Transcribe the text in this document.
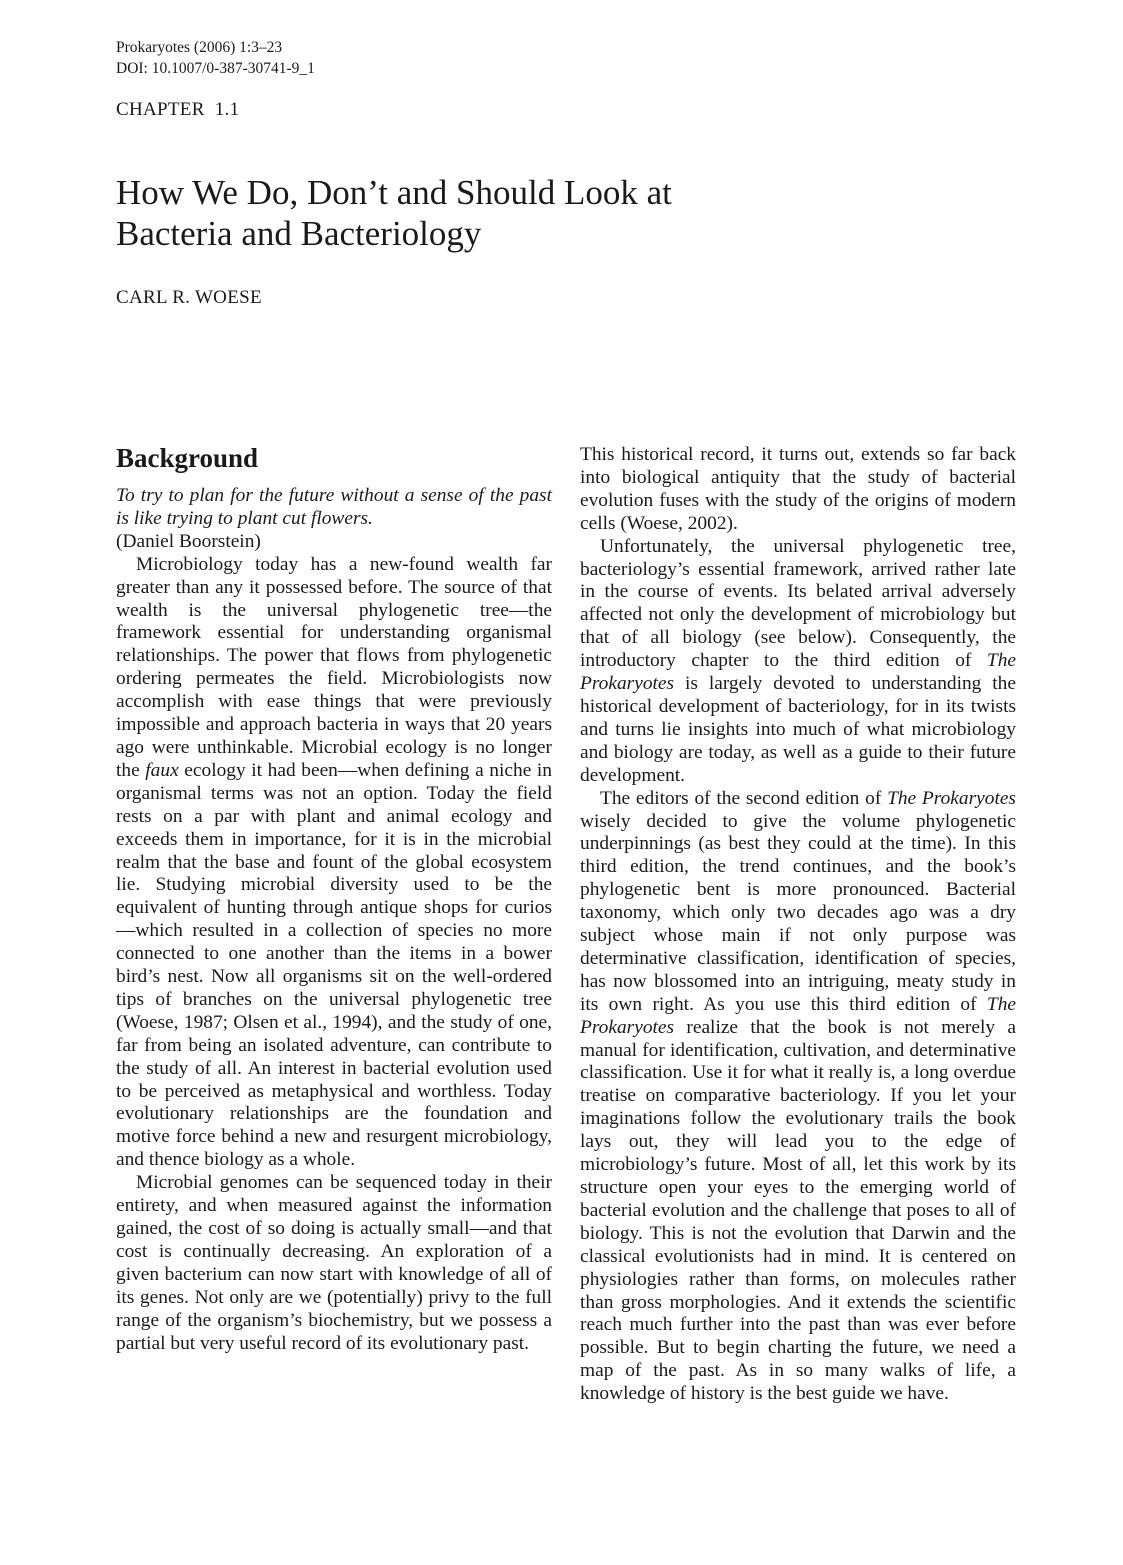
Prokaryotes (2006) 1:3–23
DOI: 10.1007/0-387-30741-9_1
CHAPTER  1.1
How We Do, Don’t and Should Look at
Bacteria and Bacteriology
CARL R. WOESE
Background

To try to plan for the future without a sense of the past is like trying to plant cut flowers.

(Daniel Boorstein)

Microbiology today has a new-found wealth far greater than any it possessed before. The source of that wealth is the universal phylogenetic tree—the framework essential for understanding organismal relationships. The power that flows from phylogenetic ordering permeates the field. Microbiologists now accomplish with ease things that were previously impossible and approach bacteria in ways that 20 years ago were unthinkable. Microbial ecology is no longer the faux ecology it had been—when defining a niche in organismal terms was not an option. Today the field rests on a par with plant and animal ecology and exceeds them in importance, for it is in the microbial realm that the base and fount of the global ecosystem lie. Studying microbial diversity used to be the equivalent of hunting through antique shops for curios—which resulted in a collection of species no more connected to one another than the items in a bower bird’s nest. Now all organisms sit on the well-ordered tips of branches on the universal phylogenetic tree (Woese, 1987; Olsen et al., 1994), and the study of one, far from being an isolated adventure, can contribute to the study of all. An interest in bacterial evolution used to be perceived as metaphysical and worthless. Today evolutionary relationships are the foundation and motive force behind a new and resurgent microbiology, and thence biology as a whole.

Microbial genomes can be sequenced today in their entirety, and when measured against the information gained, the cost of so doing is actually small—and that cost is continually decreasing. An exploration of a given bacterium can now start with knowledge of all of its genes. Not only are we (potentially) privy to the full range of the organism’s biochemistry, but we possess a partial but very useful record of its evolutionary past.

This historical record, it turns out, extends so far back into biological antiquity that the study of bacterial evolution fuses with the study of the origins of modern cells (Woese, 2002).

Unfortunately, the universal phylogenetic tree, bacteriology’s essential framework, arrived rather late in the course of events. Its belated arrival adversely affected not only the development of microbiology but that of all biology (see below). Consequently, the introductory chapter to the third edition of The Prokaryotes is largely devoted to understanding the historical development of bacteriology, for in its twists and turns lie insights into much of what microbiology and biology are today, as well as a guide to their future development.

The editors of the second edition of The Prokaryotes wisely decided to give the volume phylogenetic underpinnings (as best they could at the time). In this third edition, the trend continues, and the book’s phylogenetic bent is more pronounced. Bacterial taxonomy, which only two decades ago was a dry subject whose main if not only purpose was determinative classification, identification of species, has now blossomed into an intriguing, meaty study in its own right. As you use this third edition of The Prokaryotes realize that the book is not merely a manual for identification, cultivation, and determinative classification. Use it for what it really is, a long overdue treatise on comparative bacteriology. If you let your imaginations follow the evolutionary trails the book lays out, they will lead you to the edge of microbiology’s future. Most of all, let this work by its structure open your eyes to the emerging world of bacterial evolution and the challenge that poses to all of biology. This is not the evolution that Darwin and the classical evolutionists had in mind. It is centered on physiologies rather than forms, on molecules rather than gross morphologies. And it extends the scientific reach much further into the past than was ever before possible. But to begin charting the future, we need a map of the past. As in so many walks of life, a knowledge of history is the best guide we have.
